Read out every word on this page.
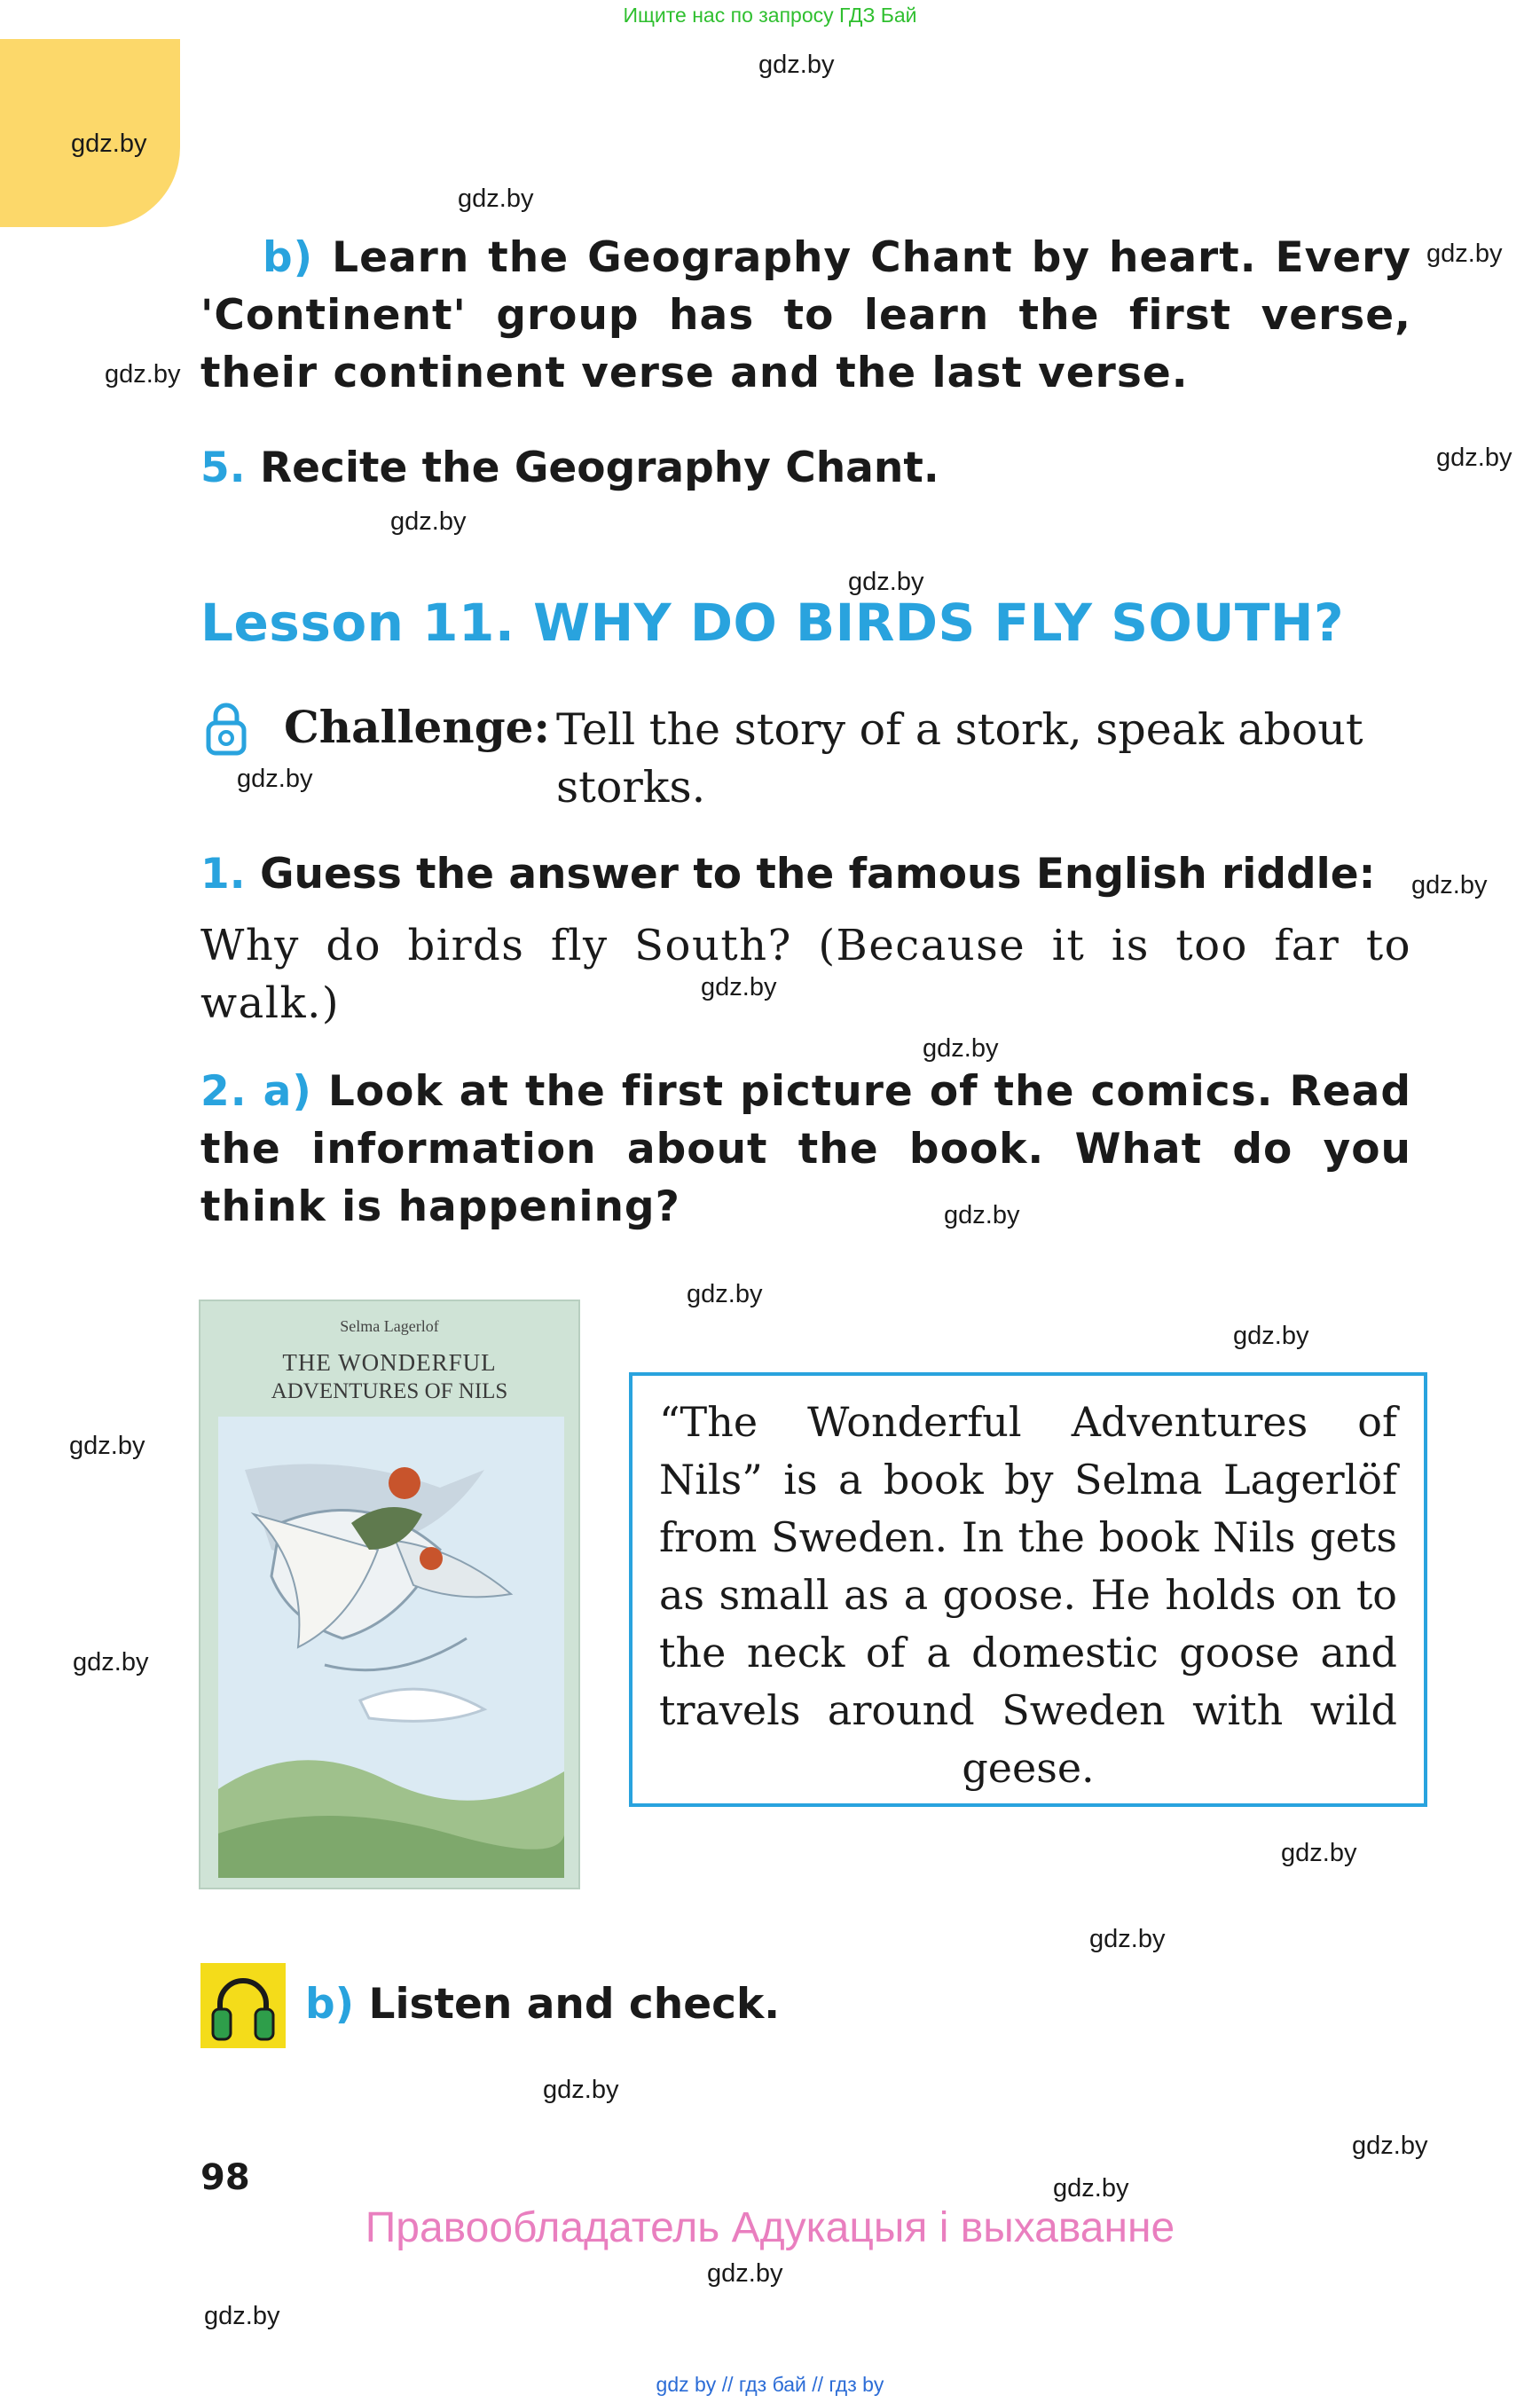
Ищите нас по запросу ГДЗ Бай
gdz.by
gdz.by
gdz.by
gdz.by
gdz.by
gdz.by
gdz.by
gdz.by
gdz.by
gdz.by
gdz.by
gdz.by
gdz.by
gdz.by
gdz.by
gdz.by
gdz.by
gdz.by
gdz.by
gdz.by
gdz.by
gdz.by
gdz.by
gdz.by
b) Learn the Geography Chant by heart. Every 'Continent' group has to learn the first verse, their continent verse and the last verse.
5. Recite the Geography Chant.
Lesson 11. WHY DO BIRDS FLY SOUTH?
Challenge: Tell the story of a stork, speak about storks.
1. Guess the answer to the famous English riddle:
Why do birds fly South? (Because it is too far to walk.)
2. a) Look at the first picture of the comics. Read the information about the book. What do you think is happening?
Selma Lagerlof
THE WONDERFUL
ADVENTURES OF NILS
“The Wonderful Adventures of Nils” is a book by Selma Lagerlöf from Sweden. In the book Nils gets as small as a goose. He holds on to the neck of a domestic goose and travels around Sweden with wild geese.
b) Listen and check.
98
Правообладатель Адукацыя і выхаванне
gdz by // гдз бай // гдз by
